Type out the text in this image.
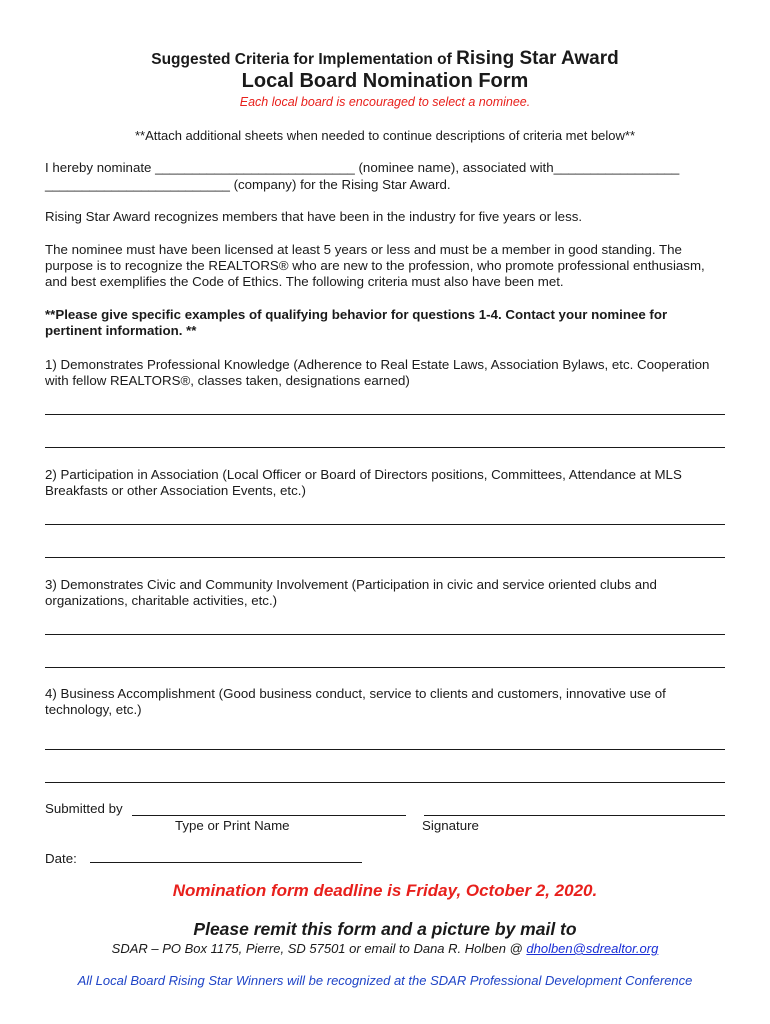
Suggested Criteria for Implementation of Rising Star Award
Local Board Nomination Form
Each local board is encouraged to select a nominee.
**Attach additional sheets when needed to continue descriptions of criteria met below**
I hereby nominate ___________________________ (nominee name), associated with_________________
_________________________ (company) for the Rising Star Award.
Rising Star Award recognizes members that have been in the industry for five years or less.
The nominee must have been licensed at least 5 years or less and must be a member in good standing. The purpose is to recognize the REALTORS® who are new to the profession, who promote professional enthusiasm, and best exemplifies the Code of Ethics. The following criteria must also have been met.
**Please give specific examples of qualifying behavior for questions 1-4. Contact your nominee for pertinent information. **
1) Demonstrates Professional Knowledge (Adherence to Real Estate Laws, Association Bylaws, etc. Cooperation with fellow REALTORS®, classes taken, designations earned)
2) Participation in Association (Local Officer or Board of Directors positions, Committees, Attendance at MLS Breakfasts or other Association Events, etc.)
3) Demonstrates Civic and Community Involvement (Participation in civic and service oriented clubs and organizations, charitable activities, etc.)
4) Business Accomplishment (Good business conduct, service to clients and customers, innovative use of technology, etc.)
Submitted by
Type or Print Name	Signature
Date:
Nomination form deadline is Friday, October 2, 2020.
Please remit this form and a picture by mail to
SDAR – PO Box 1175, Pierre, SD 57501 or email to Dana R. Holben @ dholben@sdrealtor.org
All Local Board Rising Star Winners will be recognized at the SDAR Professional Development Conference
